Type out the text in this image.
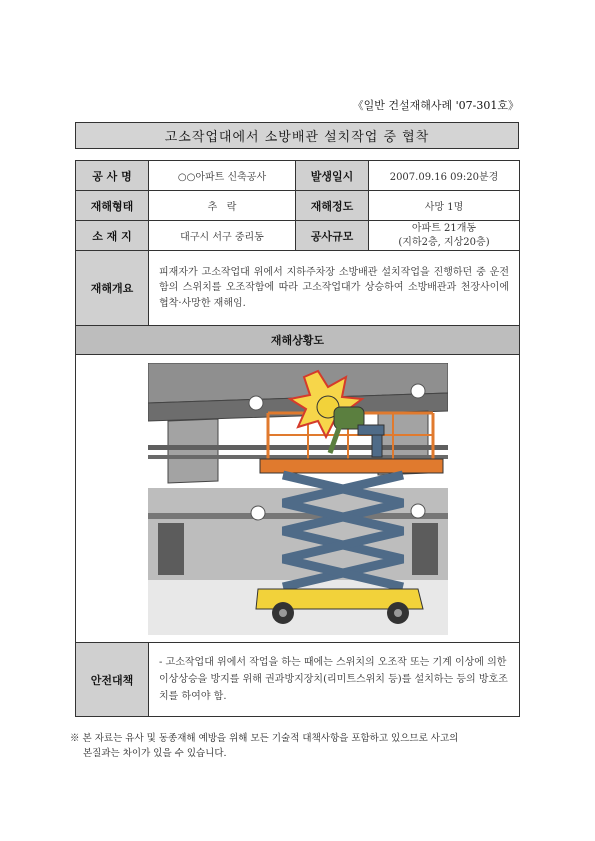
《일반 건설재해사례 '07-301호》
고소작업대에서 소방배관 설치작업 중 협착
공 사 명	○○아파트 신축공사	발생일시	2007.09.16 09:20분경
재해형태	추   락	재해정도	사망 1명
소 재 지	대구시 서구 중리동	공사규모	아파트 21개동
(지하2층, 지상20층)
재해개요	피재자가 고소작업대 위에서 지하주차장 소방배관 설치작업을 진행하던 중 운전함의 스위치를 오조작함에 따라 고소작업대가 상승하여 소방배관과 천장사이에 협착·사망한 재해임.		
재해상황도			

안전대책	- 고소작업대 위에서 작업을 하는 때에는 스위치의 오조작 또는 기계 이상에 의한 이상상승을 방지를 위해 권과방지장치(리미트스위치 등)를 설치하는 등의 방호조치를 하여야 함.		
※ 본 자료는 유사 및 동종재해 예방을 위해 모든 기술적 대책사항을 포함하고 있으므로 사고의
본질과는 차이가 있을 수 있습니다.
